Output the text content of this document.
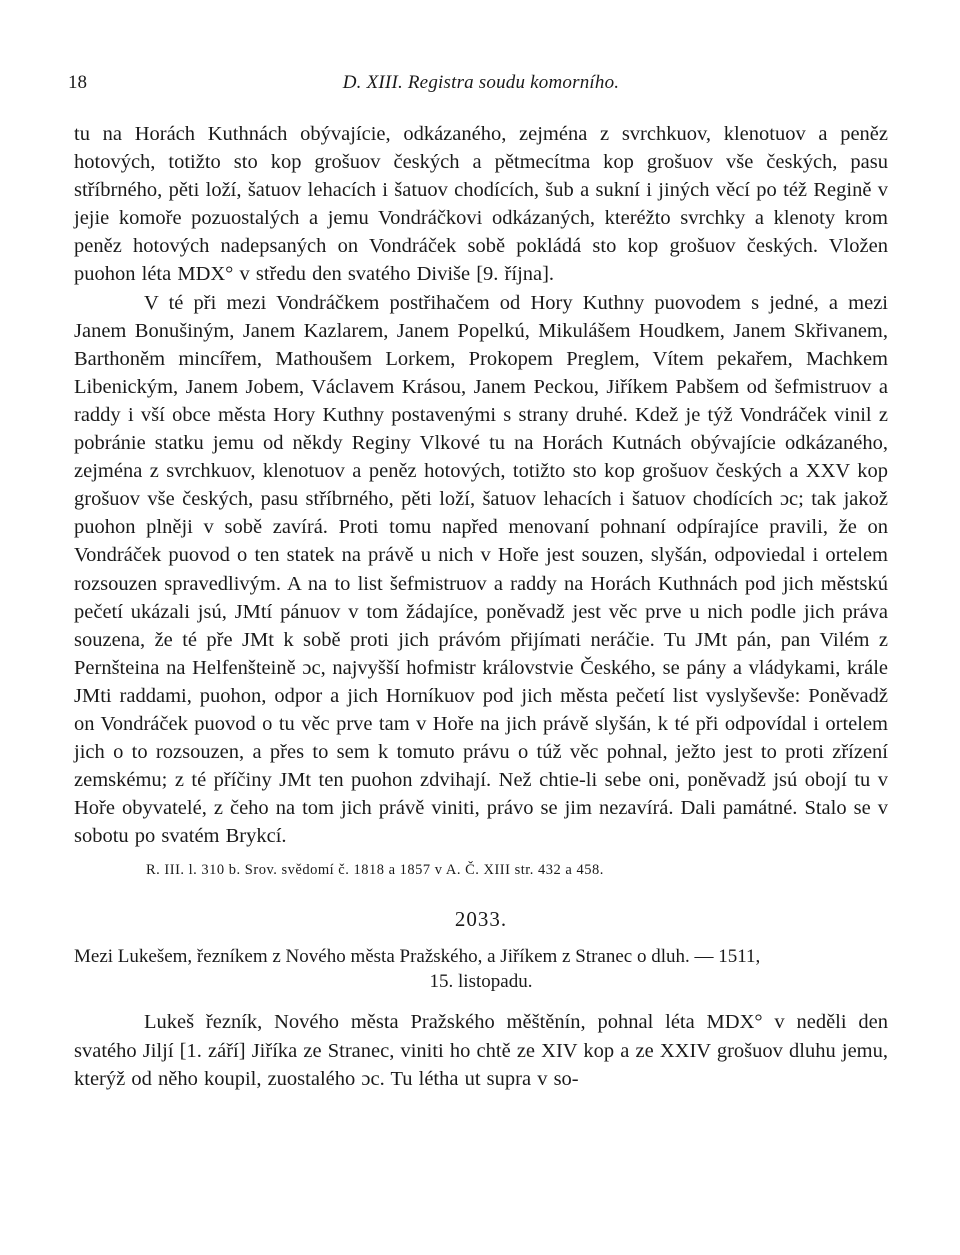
18	D. XIII. Registra soudu komorního.

tu na Horách Kuthnách obývajície, odkázaného, zejména z svrchkuov, klenotuov a peněz hotových, totižto sto kop grošuov českých a pětmecítma kop grošuov vše českých, pasu stříbrného, pěti loží, šatuov lehacích i šatuov chodících, šub a sukní i jiných věcí po též Regině v jejie komoře pozuostalých a jemu Vondráčkovi odkázaných, kteréžto svrchky a klenoty krom peněz hotových nadepsaných on Vondráček sobě pokládá sto kop grošuov českých. Vložen puohon léta MDX° v středu den svatého Diviše [9. října].

V té při mezi Vondráčkem postřihačem od Hory Kuthny puovodem s jedné, a mezi Janem Bonušiným, Janem Kazlarem, Janem Popelkú, Mikulášem Houdkem, Janem Skřivanem, Barthoněm mincířem, Mathoušem Lorkem, Prokopem Preglem, Vítem pekařem, Machkem Libenickým, Janem Jobem, Václavem Krásou, Janem Peckou, Jiříkem Pabšem od šefmistruov a raddy i vší obce města Hory Kuthny postavenými s strany druhé. Kdež je týž Vondráček vinil z pobránie statku jemu od někdy Reginy Vlkové tu na Horách Kutnách obývajície odkázaného, zejména z svrchkuov, klenotuov a peněz hotových, totižto sto kop grošuov českých a XXV kop grošuov vše českých, pasu stříbrného, pěti loží, šatuov lehacích i šatuov chodících ɔc; tak jakož puohon plněji v sobě zavírá. Proti tomu napřed menovaní pohnaní odpírajíce pravili, že on Vondráček puovod o ten statek na právě u nich v Hoře jest souzen, slyšán, odpoviedal i ortelem rozsouzen spravedlivým. A na to list šefmistruov a raddy na Horách Kuthnách pod jich městskú pečetí ukázali jsú, JMtí pánuov v tom žádajíce, poněvadž jest věc prve u nich podle jich práva souzena, že té pře JMt k sobě proti jich právóm přijímati neráčie. Tu JMt pán, pan Vilém z Pernšteina na Helfenšteině ɔc, najvyšší hofmistr královstvie Českého, se pány a vládykami, krále JMti raddami, puohon, odpor a jich Horníkuov pod jich města pečetí list vyslyševše: Poněvadž on Vondráček puovod o tu věc prve tam v Hoře na jich právě slyšán, k té při odpovídal i ortelem jich o to rozsouzen, a přes to sem k tomuto právu o túž věc pohnal, ježto jest to proti zřízení zemskému; z té příčiny JMt ten puohon zdvihají. Než chtie-li sebe oni, poněvadž jsú obojí tu v Hoře obyvatelé, z čeho na tom jich právě viniti, právo se jim nezavírá. Dali památné. Stalo se v sobotu po svatém Brykcí.

R. III. l. 310 b. Srov. svědomí č. 1818 a 1857 v A. Č. XIII str. 432 a 458.

2033.

Mezi Lukešem, řezníkem z Nového města Pražského, a Jiříkem z Stranec o dluh. — 1511,
15. listopadu.

Lukeš řezník, Nového města Pražského měštěnín, pohnal léta MDX° v neděli den svatého Jiljí [1. září] Jiříka ze Stranec, viniti ho chtě ze XIV kop a ze XXIV grošuov dluhu jemu, kterýž od něho koupil, zuostalého ɔc. Tu létha ut supra v so-
